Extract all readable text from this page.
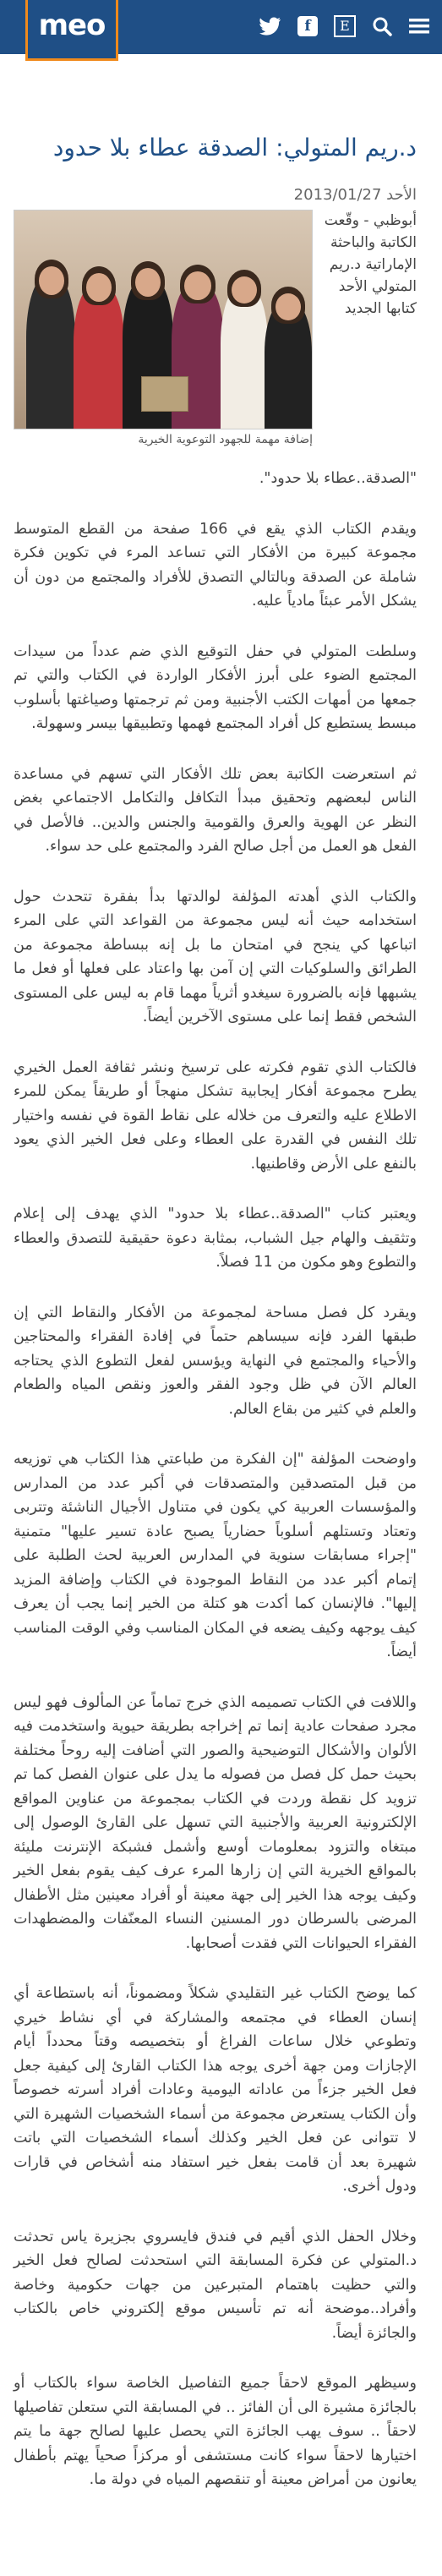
meo	f	E
د.ريم المتولي: الصدقة عطاء بلا حدود
الأحد 2013/01/27
أبوظبي - وقّعت الكاتبة والباحثة الإماراتية د.ريم المتولي الأحد كتابها الجديد
إضافة مهمة للجهود التوعوية الخيرية

"الصدقة..عطاء بلا حدود".

ويقدم الكتاب الذي يقع في 166 صفحة من القطع المتوسط مجموعة كبيرة من الأفكار التي تساعد المرء في تكوين فكرة شاملة عن الصدقة وبالتالي التصدق للأفراد والمجتمع من دون أن يشكل الأمر عبئاً مادياً عليه.

وسلطت المتولي في حفل التوقيع الذي ضم عدداً من سيدات المجتمع الضوء على أبرز الأفكار الواردة في الكتاب والتي تم جمعها من أمهات الكتب الأجنبية ومن ثم ترجمتها وصياغتها بأسلوب مبسط يستطيع كل أفراد المجتمع فهمها وتطبيقها بيسر وسهولة.

ثم استعرضت الكاتبة بعض تلك الأفكار التي تسهم في مساعدة الناس لبعضهم وتحقيق مبدأ التكافل والتكامل الاجتماعي بغض النظر عن الهوية والعرق والقومية والجنس والدين.. فالأصل في الفعل هو العمل من أجل صالح الفرد والمجتمع على حد سواء.

والكتاب الذي أهدته المؤلفة لوالدتها بدأ بفقرة تتحدث حول استخدامه حيث أنه ليس مجموعة من القواعد التي على المرء اتباعها كي ينجح في امتحان ما بل إنه ببساطة مجموعة من الطرائق والسلوكيات التي إن آمن بها واعتاد على فعلها أو فعل ما يشبهها فإنه بالضرورة سيغدو أثرياً مهما قام به ليس على المستوى الشخص فقط إنما على مستوى الآخرين أيضاً.

فالكتاب الذي تقوم فكرته على ترسيخ ونشر ثقافة العمل الخيري يطرح مجموعة أفكار إيجابية تشكل منهجاً أو طريقاً يمكن للمرء الاطلاع عليه والتعرف من خلاله على نقاط القوة في نفسه واختيار تلك النفس في القدرة على العطاء وعلى فعل الخير الذي يعود بالنفع على الأرض وقاطنيها.

ويعتبر كتاب "الصدقة..عطاء بلا حدود" الذي يهدف إلى إعلام وتثقيف والهام جيل الشباب، بمثابة دعوة حقيقية للتصدق والعطاء والتطوع وهو مكون من 11 فصلاً.

ويقرد كل فصل مساحة لمجموعة من الأفكار والنقاط التي إن طبقها الفرد فإنه سيساهم حتماً في إفادة الفقراء والمحتاجين والأحياء والمجتمع في النهاية ويؤسس لفعل التطوع الذي يحتاجه العالم الآن في ظل وجود الفقر والعوز ونقص المياه والطعام والعلم في كثير من بقاع العالم.

واوضحت المؤلفة "إن الفكرة من طباعتي هذا الكتاب هي توزيعه من قبل المتصدقين والمتصدقات في أكبر عدد من المدارس والمؤسسات العربية كي يكون في متناول الأجيال الناشئة وتتربى وتعتاد وتستلهم أسلوباً حضارياً يصبح عادة تسير عليها" متمنية "إجراء مسابقات سنوية في المدارس العربية لحث الطلبة على إتمام أكبر عدد من النقاط الموجودة في الكتاب وإضافة المزيد إليها". فالإنسان كما أكدت هو كتلة من الخير إنما يجب أن يعرف كيف يوجهه وكيف يضعه في المكان المناسب وفي الوقت المناسب أيضاً.

واللافت في الكتاب تصميمه الذي خرج تماماً عن المألوف فهو ليس مجرد صفحات عادية إنما تم إخراجه بطريقة حيوية واستخدمت فيه الألوان والأشكال التوضيحية والصور التي أضافت إليه روحاً مختلفة بحيث حمل كل فصل من فصوله ما يدل على عنوان الفصل كما تم تزويد كل نقطة وردت في الكتاب بمجموعة من عناوين المواقع الإلكترونية العربية والأجنبية التي تسهل على القارئ الوصول إلى مبتغاه والتزود بمعلومات أوسع وأشمل فشبكة الإنترنت مليئة بالمواقع الخيرية التي إن زارها المرء عرف كيف يقوم بفعل الخير وكيف يوجه هذا الخير إلى جهة معينة أو أفراد معينين مثل الأطفال المرضى بالسرطان دور المسنين النساء المعنّفات والمضطهدات الفقراء الحيوانات التي فقدت أصحابها.

كما يوضح الكتاب غير التقليدي شكلاً ومضموناً، أنه باستطاعة أي إنسان العطاء في مجتمعه والمشاركة في أي نشاط خيري وتطوعي خلال ساعات الفراغ أو بتخصيصه وقتاً محدداً أيام الإجازات ومن جهة أخرى يوجه هذا الكتاب القارئ إلى كيفية جعل فعل الخير جزءاً من عاداته اليومية وعادات أفراد أسرته خصوصاً وأن الكتاب يستعرض مجموعة من أسماء الشخصيات الشهيرة التي لا تتوانى عن فعل الخير وكذلك أسماء الشخصيات التي باتت شهيرة بعد أن قامت بفعل خير استفاد منه أشخاص في قارات ودول أخرى.

وخلال الحفل الذي أقيم في فندق فايسروي بجزيرة ياس تحدثت د.المتولي عن فكرة المسابقة التي استحدثت لصالح فعل الخير والتي حظيت باهتمام المتبرعين من جهات حكومية وخاصة وأفراد..موضحة أنه تم تأسيس موقع إلكتروني خاص بالكتاب والجائزة أيضاً.

وسيظهر الموقع لاحقاً جميع التفاصيل الخاصة سواء بالكتاب أو بالجائزة مشيرة الى أن الفائز .. في المسابقة التي ستعلن تفاصيلها لاحقاً .. سوف يهب الجائزة التي يحصل عليها لصالح جهة ما يتم اختيارها لاحقاً سواء كانت مستشفى أو مركزاً صحياً يهتم بأطفال يعانون من أمراض معينة أو تنقصهم المياه في دولة ما.
